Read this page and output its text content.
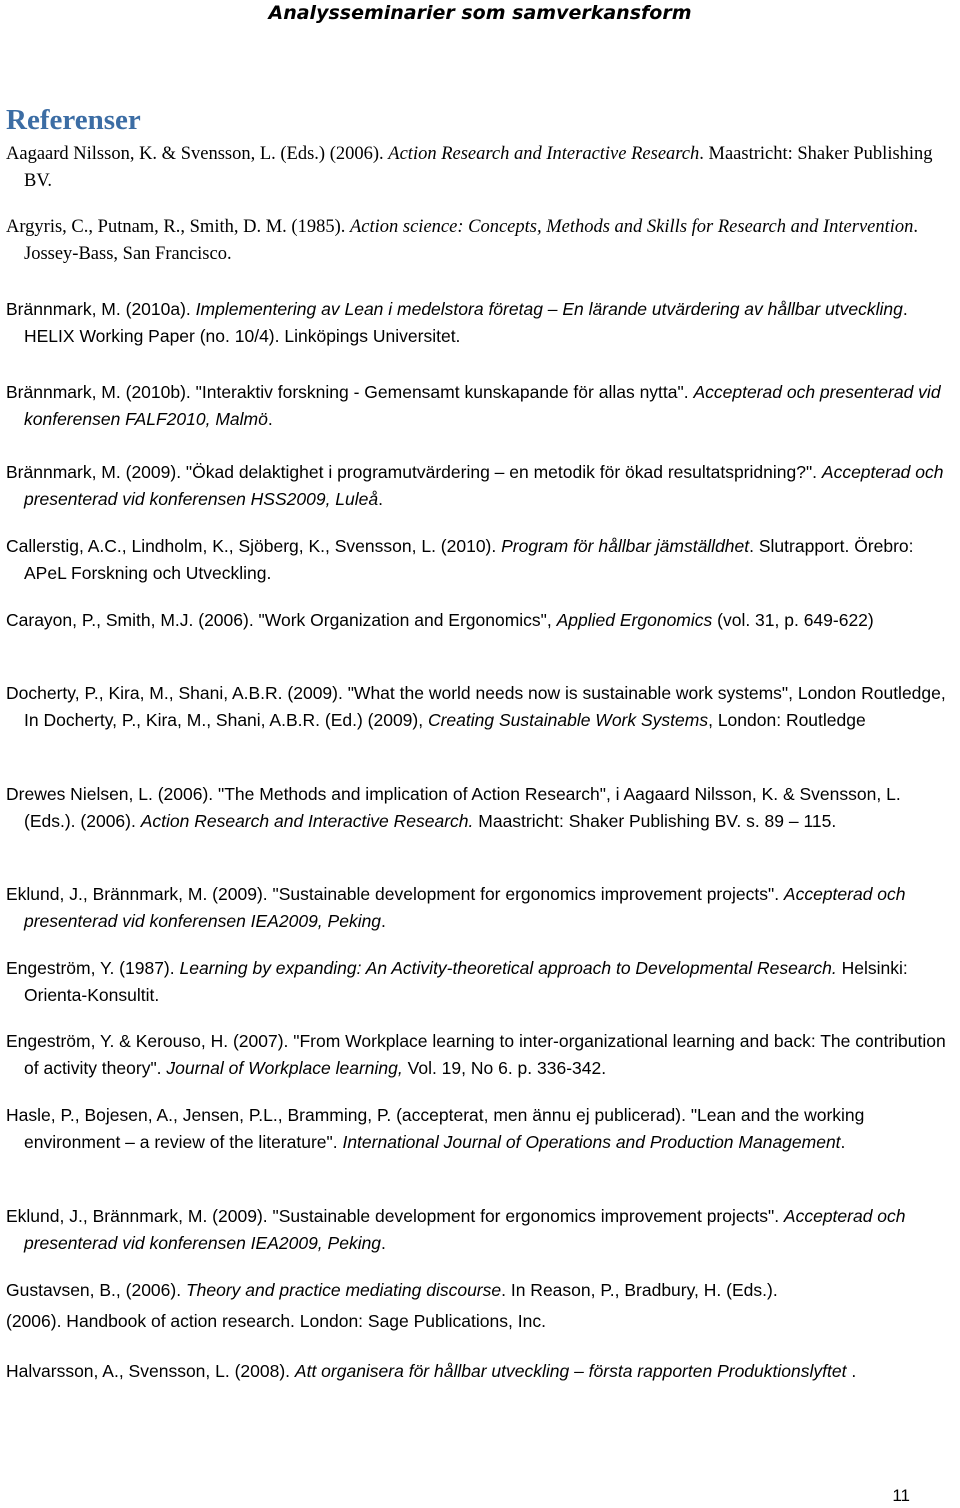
Analysseminarier som samverkansform
Referenser

Aagaard Nilsson, K. & Svensson, L. (Eds.) (2006). Action Research and Interactive Research. Maastricht: Shaker Publishing BV.

Argyris, C., Putnam, R., Smith, D. M. (1985). Action science: Concepts, Methods and Skills for Research and Intervention. Jossey-Bass, San Francisco.

Brännmark, M. (2010a). Implementering av Lean i medelstora företag – En lärande utvärdering av hållbar utveckling. HELIX Working Paper (no. 10/4). Linköpings Universitet.

Brännmark, M. (2010b). "Interaktiv forskning - Gemensamt kunskapande för allas nytta". Accepterad och presenterad vid konferensen FALF2010, Malmö.

Brännmark, M. (2009). "Ökad delaktighet i programutvärdering – en metodik för ökad resultatspridning?". Accepterad och presenterad vid konferensen HSS2009, Luleå.

Callerstig, A.C., Lindholm, K., Sjöberg, K., Svensson, L. (2010). Program för hållbar jämställdhet. Slutrapport. Örebro: APeL Forskning och Utveckling.

Carayon, P., Smith, M.J. (2006). "Work Organization and Ergonomics", Applied Ergonomics (vol. 31, p. 649-622)

Docherty, P., Kira, M., Shani, A.B.R. (2009). "What the world needs now is sustainable work systems", London Routledge, In Docherty, P., Kira, M., Shani, A.B.R. (Ed.) (2009), Creating Sustainable Work Systems, London: Routledge

Drewes Nielsen, L. (2006). "The Methods and implication of Action Research", i Aagaard Nilsson, K. & Svensson, L. (Eds.). (2006). Action Research and Interactive Research. Maastricht: Shaker Publishing BV. s. 89 – 115.

Eklund, J., Brännmark, M. (2009). "Sustainable development for ergonomics improvement projects". Accepterad och presenterad vid konferensen IEA2009, Peking.

Engeström, Y. (1987). Learning by expanding: An Activity-theoretical approach to Developmental Research. Helsinki: Orienta-Konsultit.

Engeström, Y. & Kerouso, H. (2007). "From Workplace learning to inter-organizational learning and back: The contribution of activity theory". Journal of Workplace learning, Vol. 19, No 6. p. 336-342.

Hasle, P., Bojesen, A., Jensen, P.L., Bramming, P. (accepterat, men ännu ej publicerad). "Lean and the working environment – a review of the literature". International Journal of Operations and Production Management.

Eklund, J., Brännmark, M. (2009). "Sustainable development for ergonomics improvement projects". Accepterad och presenterad vid konferensen IEA2009, Peking.

Gustavsen, B., (2006). Theory and practice mediating discourse. In Reason, P., Bradbury, H. (Eds.).

(2006). Handbook of action research. London: Sage Publications, Inc.

Halvarsson, A., Svensson, L. (2008). Att organisera för hållbar utveckling – första rapporten Produktionslyftet .

11
